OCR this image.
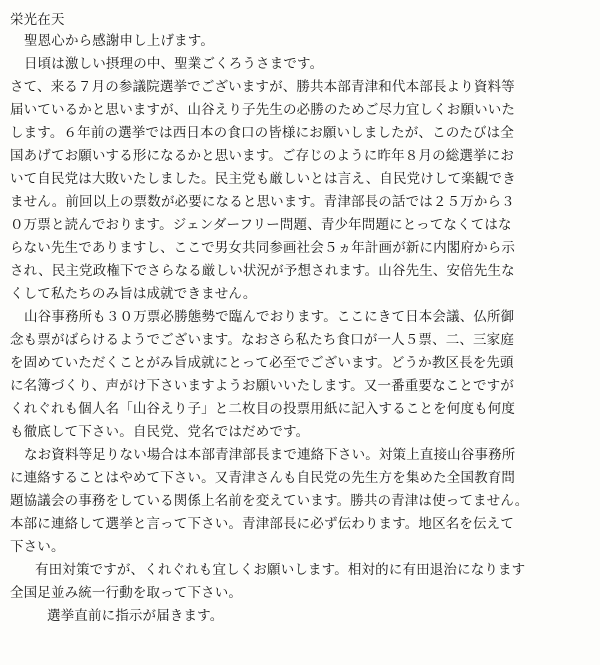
栄光在天
聖恩心から感謝申し上げます。
日頃は激しい摂理の中、聖業ごくろうさまです。
さて、来る７月の参議院選挙でございますが、勝共本部青津和代本部長より資料等
届いているかと思いますが、山谷えり子先生の必勝のためご尽力宜しくお願いいた
します。６年前の選挙では西日本の食口の皆様にお願いしましたが、このたびは全
国あげてお願いする形になるかと思います。ご存じのように昨年８月の総選挙にお
いて自民党は大敗いたしました。民主党も厳しいとは言え、自民党けして楽観でき
ません。前回以上の票数が必要になると思います。青津部長の話では２５万から３
０万票と読んでおります。ジェンダーフリー問題、青少年問題にとってなくてはな
らない先生でありますし、ここで男女共同参画社会５ヵ年計画が新に内閣府から示
され、民主党政権下でさらなる厳しい状況が予想されます。山谷先生、安倍先生な
くして私たちのみ旨は成就できません。
山谷事務所も３０万票必勝態勢で臨んでおります。ここにきて日本会議、仏所御
念も票がばらけるようでございます。なおさら私たち食口が一人５票、二、三家庭
を固めていただくことがみ旨成就にとって必至でございます。どうか教区長を先頭
に名簿づくり、声がけ下さいますようお願いいたします。又一番重要なことですが
くれぐれも個人名「山谷えり子」と二枚目の投票用紙に記入することを何度も何度
も徹底して下さい。自民党、党名ではだめです。
なお資料等足りない場合は本部青津部長まで連絡下さい。対策上直接山谷事務所
に連絡することはやめて下さい。又青津さんも自民党の先生方を集めた全国教育問
題協議会の事務をしている関係上名前を変えています。勝共の青津は使ってません。
本部に連絡して選挙と言って下さい。青津部長に必ず伝わります。地区名を伝えて
下さい。
有田対策ですが、くれぐれも宜しくお願いします。相対的に有田退治になります
全国足並み統一行動を取って下さい。
選挙直前に指示が届きます。
